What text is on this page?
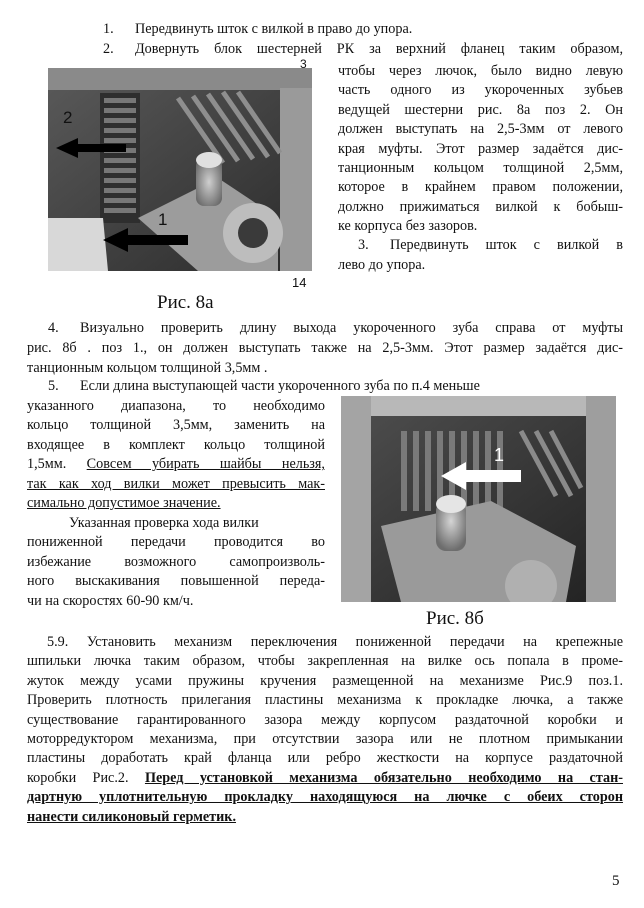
1. Передвинуть шток с вилкой в право до упора.
2. Довернуть блок шестерней РК за верхний фланец таким образом,
2
1
3
14
Рис. 8а
чтобы через лючок, было видно левую
часть одного из укороченных зубьев
ведущей шестерни рис. 8а поз 2. Он
должен выступать на 2,5-3мм от левого
края муфты. Этот размер задаётся дис-
танционным кольцом толщиной 2,5мм,
которое в крайнем правом положении,
должно прижиматься вилкой к бобыш-
ке корпуса без зазоров.
3. Передвинуть шток с вилкой в
лево до упора.
4. Визуально проверить длину выхода укороченного зуба справа от муфты
рис. 8б . поз 1., он должен выступать также на 2,5-3мм. Этот размер задаётся дис-
танционным кольцом толщиной 3,5мм .
5. Если длина выступающей части укороченного зуба по п.4 меньше
указанного диапазона, то необходимо
кольцо толщиной 3,5мм, заменить на
входящее в комплект кольцо толщиной
1,5мм. Совсем убирать шайбы нельзя,
так как ход вилки может превысить мак-
симально допустимое значение.
Указанная проверка хода вилки
пониженной передачи проводится во
избежание возможного самопроизволь-
ного выскакивания повышенной переда-
чи на скоростях 60-90 км/ч.
1
Рис. 8б
5.9. Установить механизм переключения пониженной передачи на крепежные
шпильки лючка таким образом, чтобы закрепленная на вилке ось попала в проме-
жуток между усами пружины кручения размещенной на механизме Рис.9 поз.1.
Проверить плотность прилегания пластины механизма к прокладке лючка, а также
существование гарантированного зазора между корпусом раздаточной коробки и
моторредуктором механизма, при отсутствии зазора или не плотном примыкании
пластины доработать край фланца или ребро жесткости на корпусе раздаточной
коробки Рис.2. Перед установкой механизма обязательно необходимо на стан-
дартную уплотнительную прокладку находящуюся на лючке с обеих сторон
нанести силиконовый герметик.
5
